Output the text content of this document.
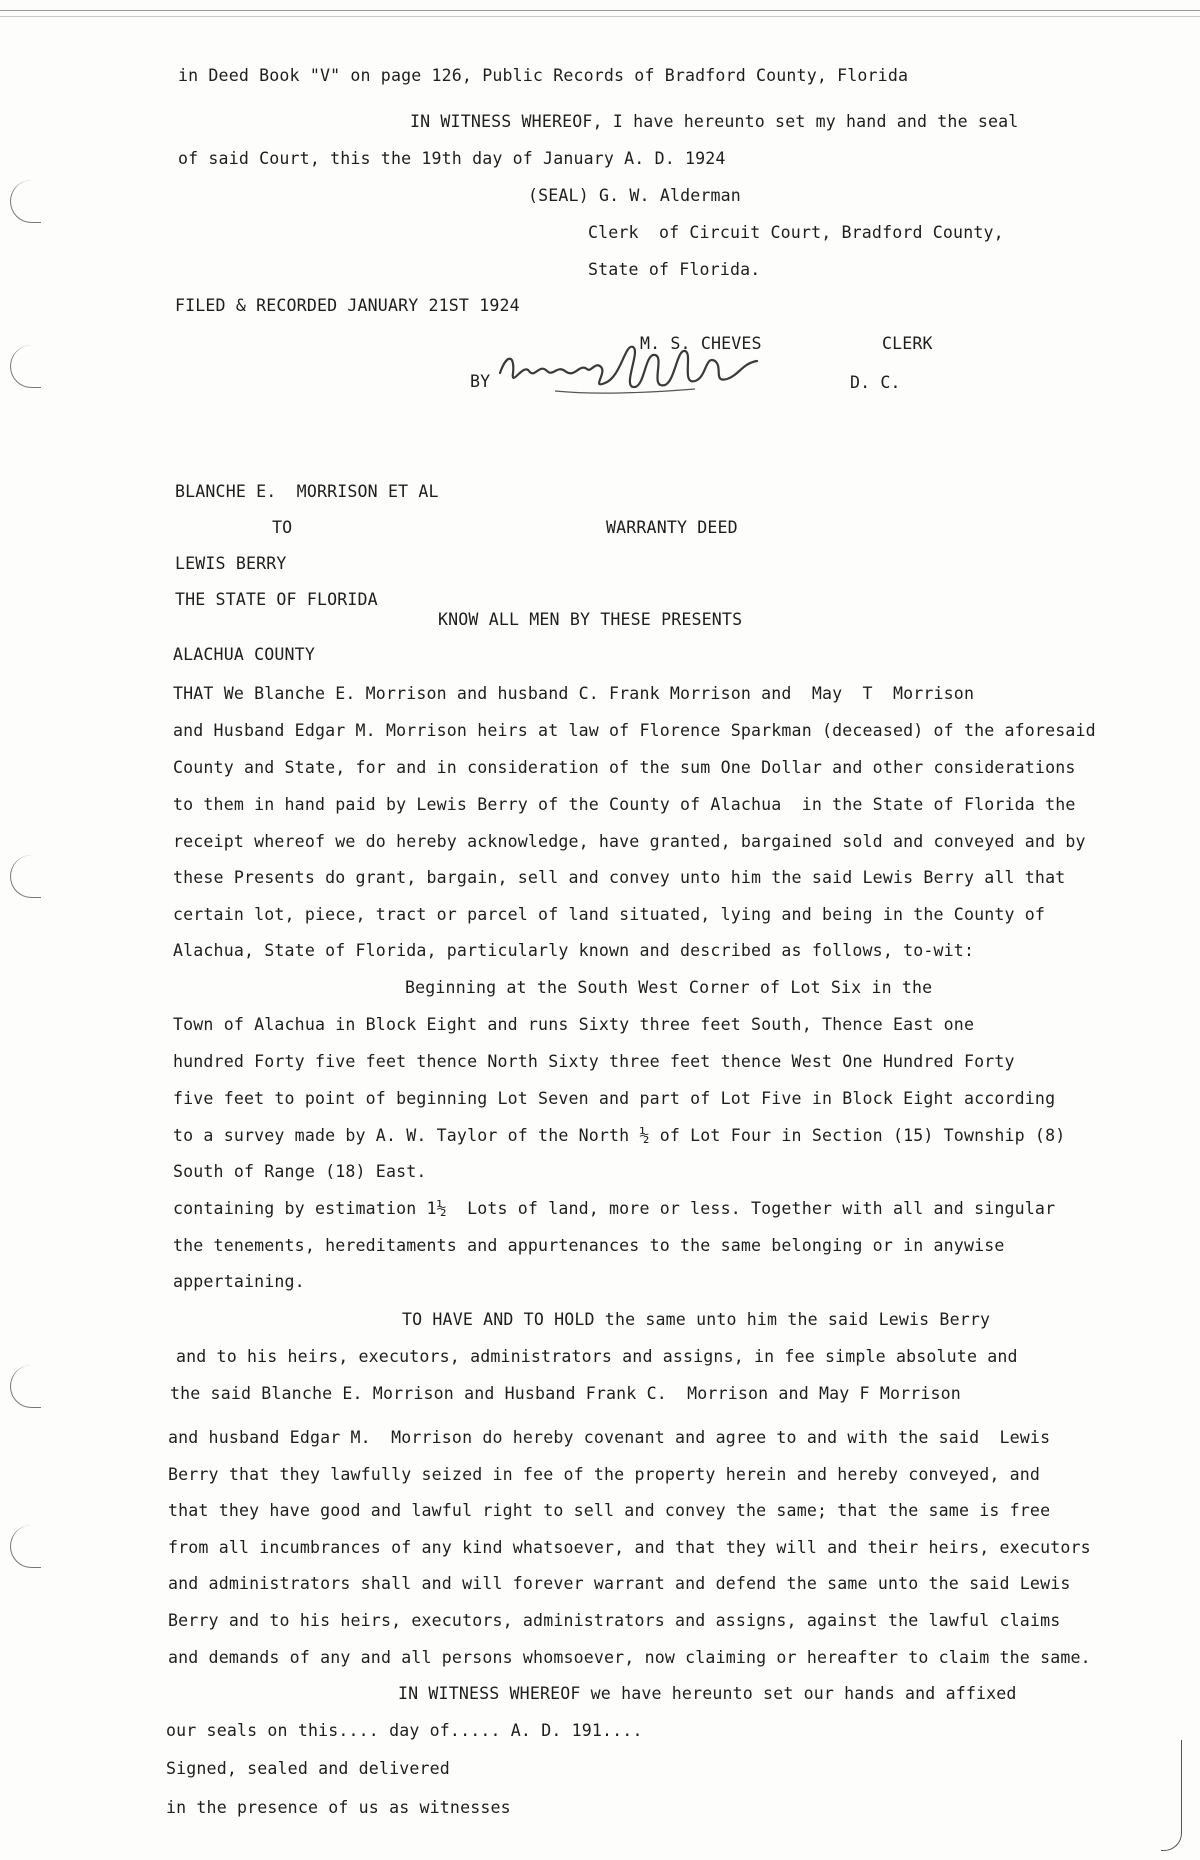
in Deed Book "V" on page 126, Public Records of Bradford County, Florida
IN WITNESS WHEREOF, I have hereunto set my hand and the seal
of said Court, this the 19th day of January A. D. 1924
(SEAL) G. W. Alderman
Clerk  of Circuit Court, Bradford County,
State of Florida.
FILED & RECORDED JANUARY 21ST 1924
M. S. CHEVES	CLERK
BY	D. C.
BLANCHE E.  MORRISON ET AL
TO	WARRANTY DEED
LEWIS BERRY
THE STATE OF FLORIDA
KNOW ALL MEN BY THESE PRESENTS
ALACHUA COUNTY
THAT We Blanche E. Morrison and husband C. Frank Morrison and  May  T  Morrison
and Husband Edgar M. Morrison heirs at law of Florence Sparkman (deceased) of the aforesaid
County and State, for and in consideration of the sum One Dollar and other considerations
to them in hand paid by Lewis Berry of the County of Alachua  in the State of Florida the
receipt whereof we do hereby acknowledge, have granted, bargained sold and conveyed and by
these Presents do grant, bargain, sell and convey unto him the said Lewis Berry all that
certain lot, piece, tract or parcel of land situated, lying and being in the County of
Alachua, State of Florida, particularly known and described as follows, to-wit:
Beginning at the South West Corner of Lot Six in the
Town of Alachua in Block Eight and runs Sixty three feet South, Thence East one
hundred Forty five feet thence North Sixty three feet thence West One Hundred Forty
five feet to point of beginning Lot Seven and part of Lot Five in Block Eight according
to a survey made by A. W. Taylor of the North ½ of Lot Four in Section (15) Township (8)
South of Range (18) East.
containing by estimation 1½  Lots of land, more or less. Together with all and singular
the tenements, hereditaments and appurtenances to the same belonging or in anywise
appertaining.
TO HAVE AND TO HOLD the same unto him the said Lewis Berry
and to his heirs, executors, administrators and assigns, in fee simple absolute and
the said Blanche E. Morrison and Husband Frank C.  Morrison and May F Morrison
and husband Edgar M.  Morrison do hereby covenant and agree to and with the said  Lewis
Berry that they lawfully seized in fee of the property herein and hereby conveyed, and
that they have good and lawful right to sell and convey the same; that the same is free
from all incumbrances of any kind whatsoever, and that they will and their heirs, executors
and administrators shall and will forever warrant and defend the same unto the said Lewis
Berry and to his heirs, executors, administrators and assigns, against the lawful claims
and demands of any and all persons whomsoever, now claiming or hereafter to claim the same.
IN WITNESS WHEREOF we have hereunto set our hands and affixed
our seals on this.... day of..... A. D. 191....
Signed, sealed and delivered
in the presence of us as witnesses
